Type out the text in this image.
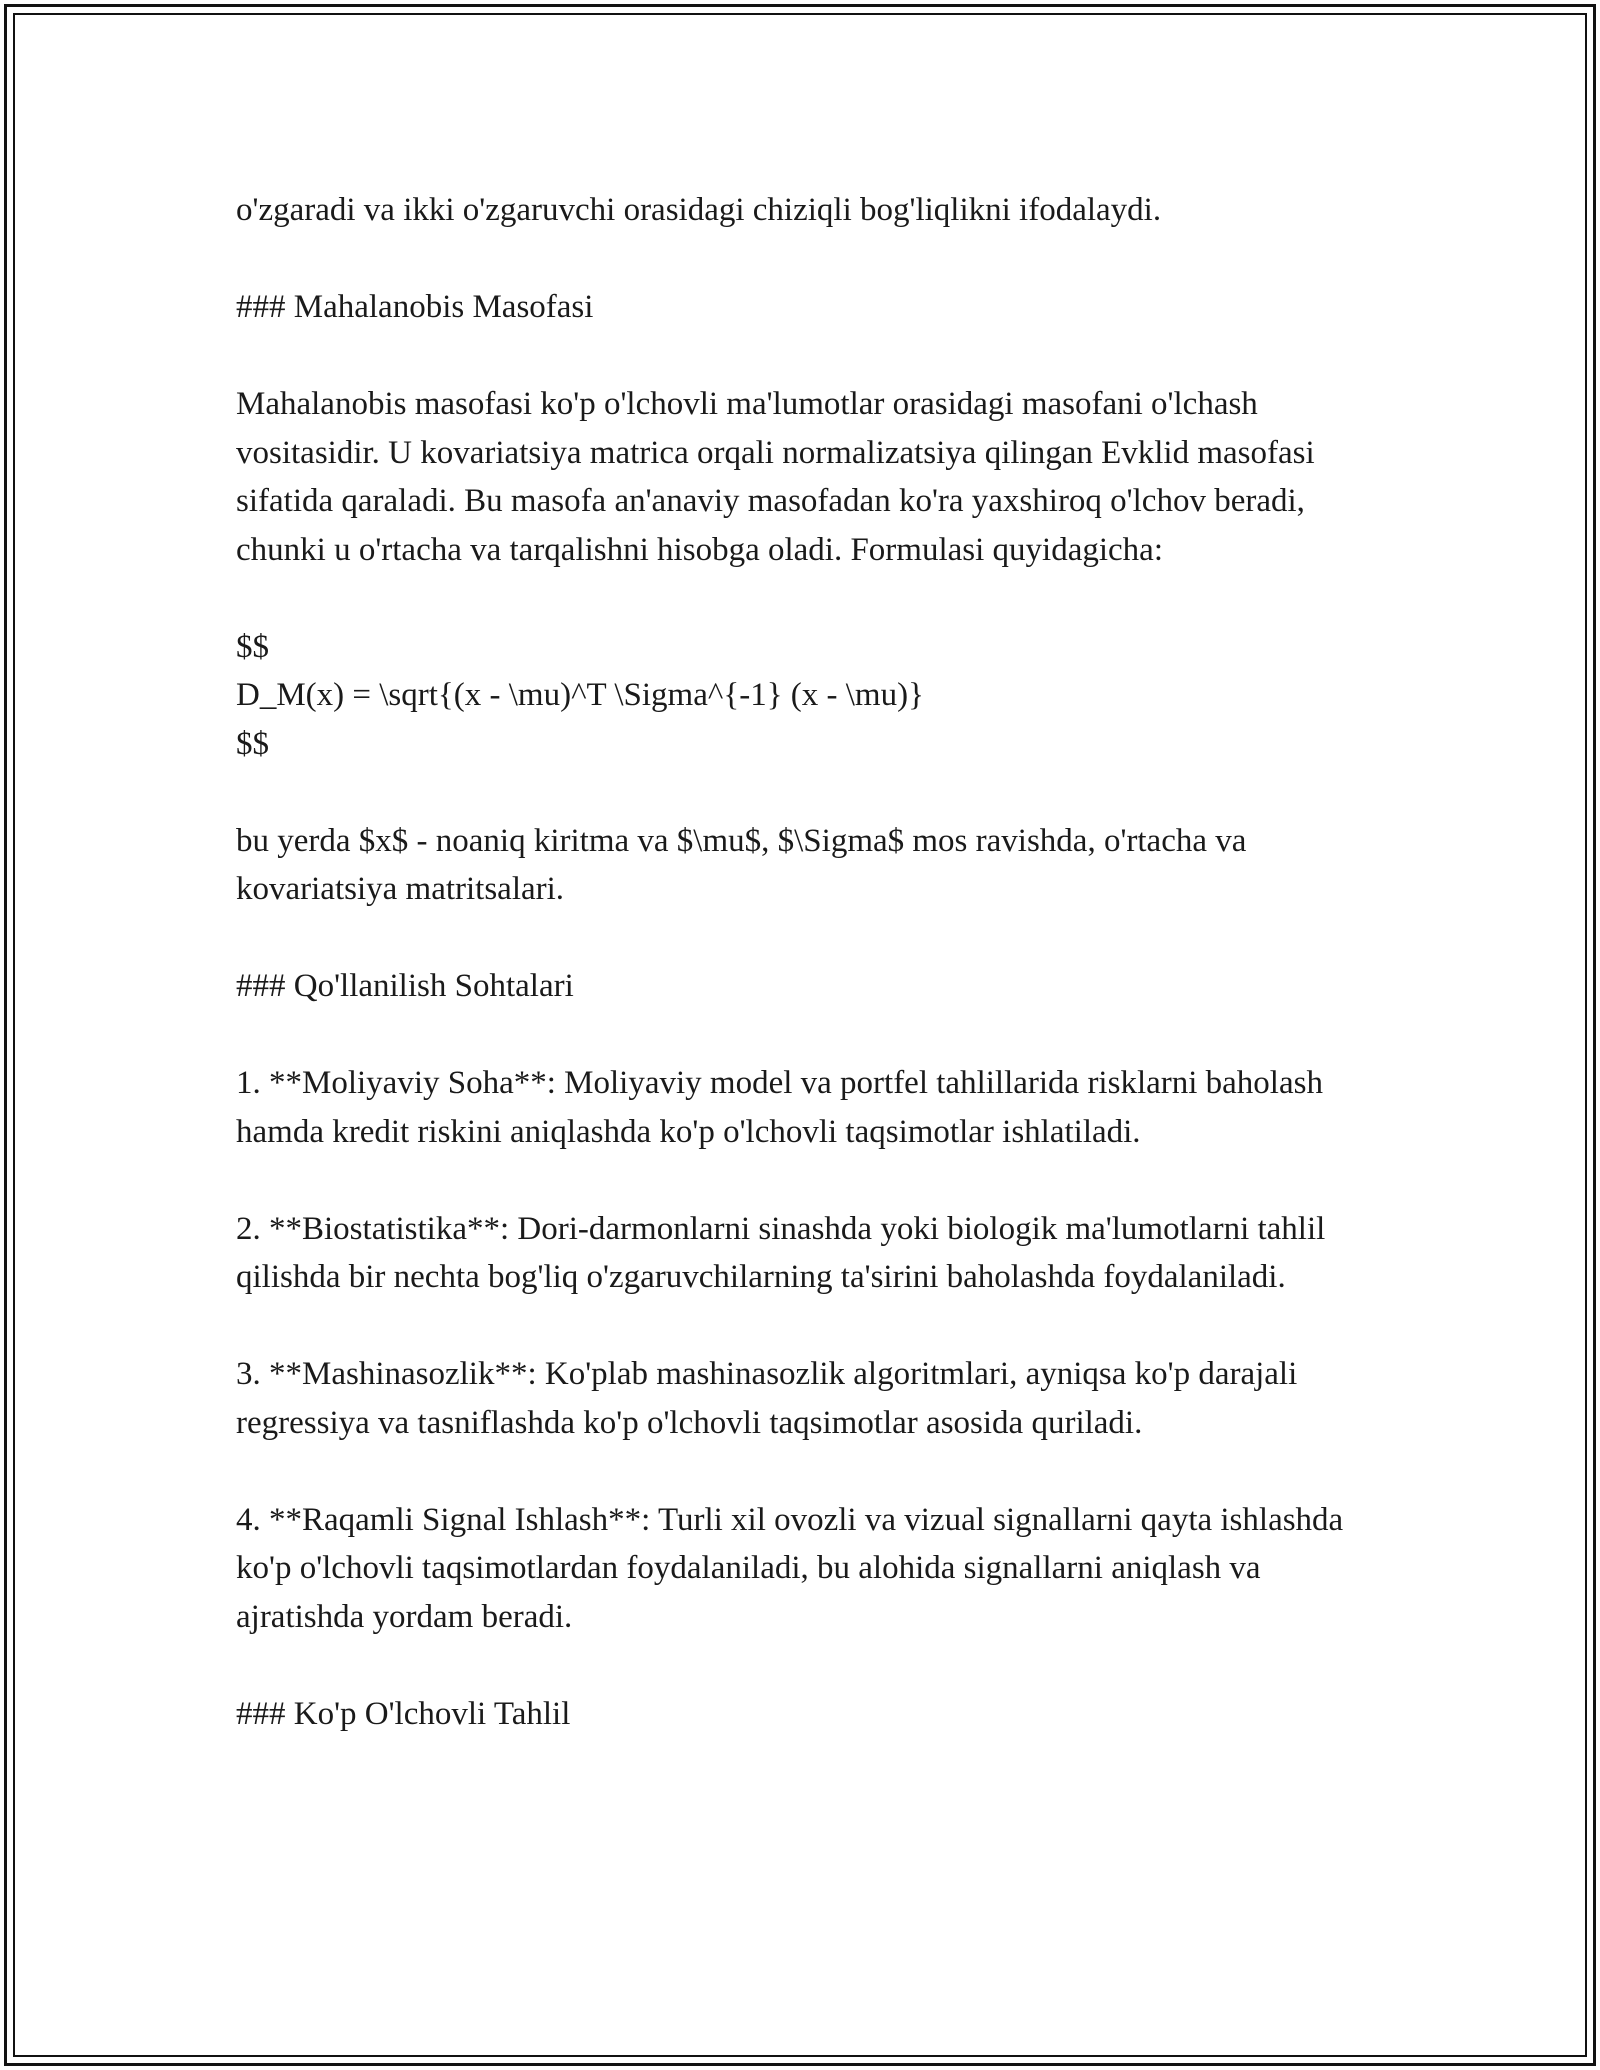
o'zgaradi va ikki o'zgaruvchi orasidagi chiziqli bog'liqlikni ifodalaydi.

### Mahalanobis Masofasi

Mahalanobis masofasi ko'p o'lchovli ma'lumotlar orasidagi masofani o'lchash vositasidir. U kovariatsiya matrica orqali normalizatsiya qilingan Evklid masofasi sifatida qaraladi. Bu masofa an'anaviy masofadan ko'ra yaxshiroq o'lchov beradi, chunki u o'rtacha va tarqalishni hisobga oladi. Formulasi quyidagicha:

$$

D_M(x) = \sqrt{(x - \mu)^T \Sigma^{-1} (x - \mu)}

$$

bu yerda $x$ - noaniq kiritma va $\mu$, $\Sigma$ mos ravishda, o'rtacha va kovariatsiya matritsalari.

### Qo'llanilish Sohtalari

1. **Moliyaviy Soha**: Moliyaviy model va portfel tahlillarida risklarni baholash hamda kredit riskini aniqlashda ko'p o'lchovli taqsimotlar ishlatiladi.

2. **Biostatistika**: Dori-darmonlarni sinashda yoki biologik ma'lumotlarni tahlil qilishda bir nechta bog'liq o'zgaruvchilarning ta'sirini baholashda foydalaniladi.

3. **Mashinasozlik**: Ko'plab mashinasozlik algoritmlari, ayniqsa ko'p darajali regressiya va tasniflashda ko'p o'lchovli taqsimotlar asosida quriladi.

4. **Raqamli Signal Ishlash**: Turli xil ovozli va vizual signallarni qayta ishlashda ko'p o'lchovli taqsimotlardan foydalaniladi, bu alohida signallarni aniqlash va ajratishda yordam beradi.

### Ko'p O'lchovli Tahlil
